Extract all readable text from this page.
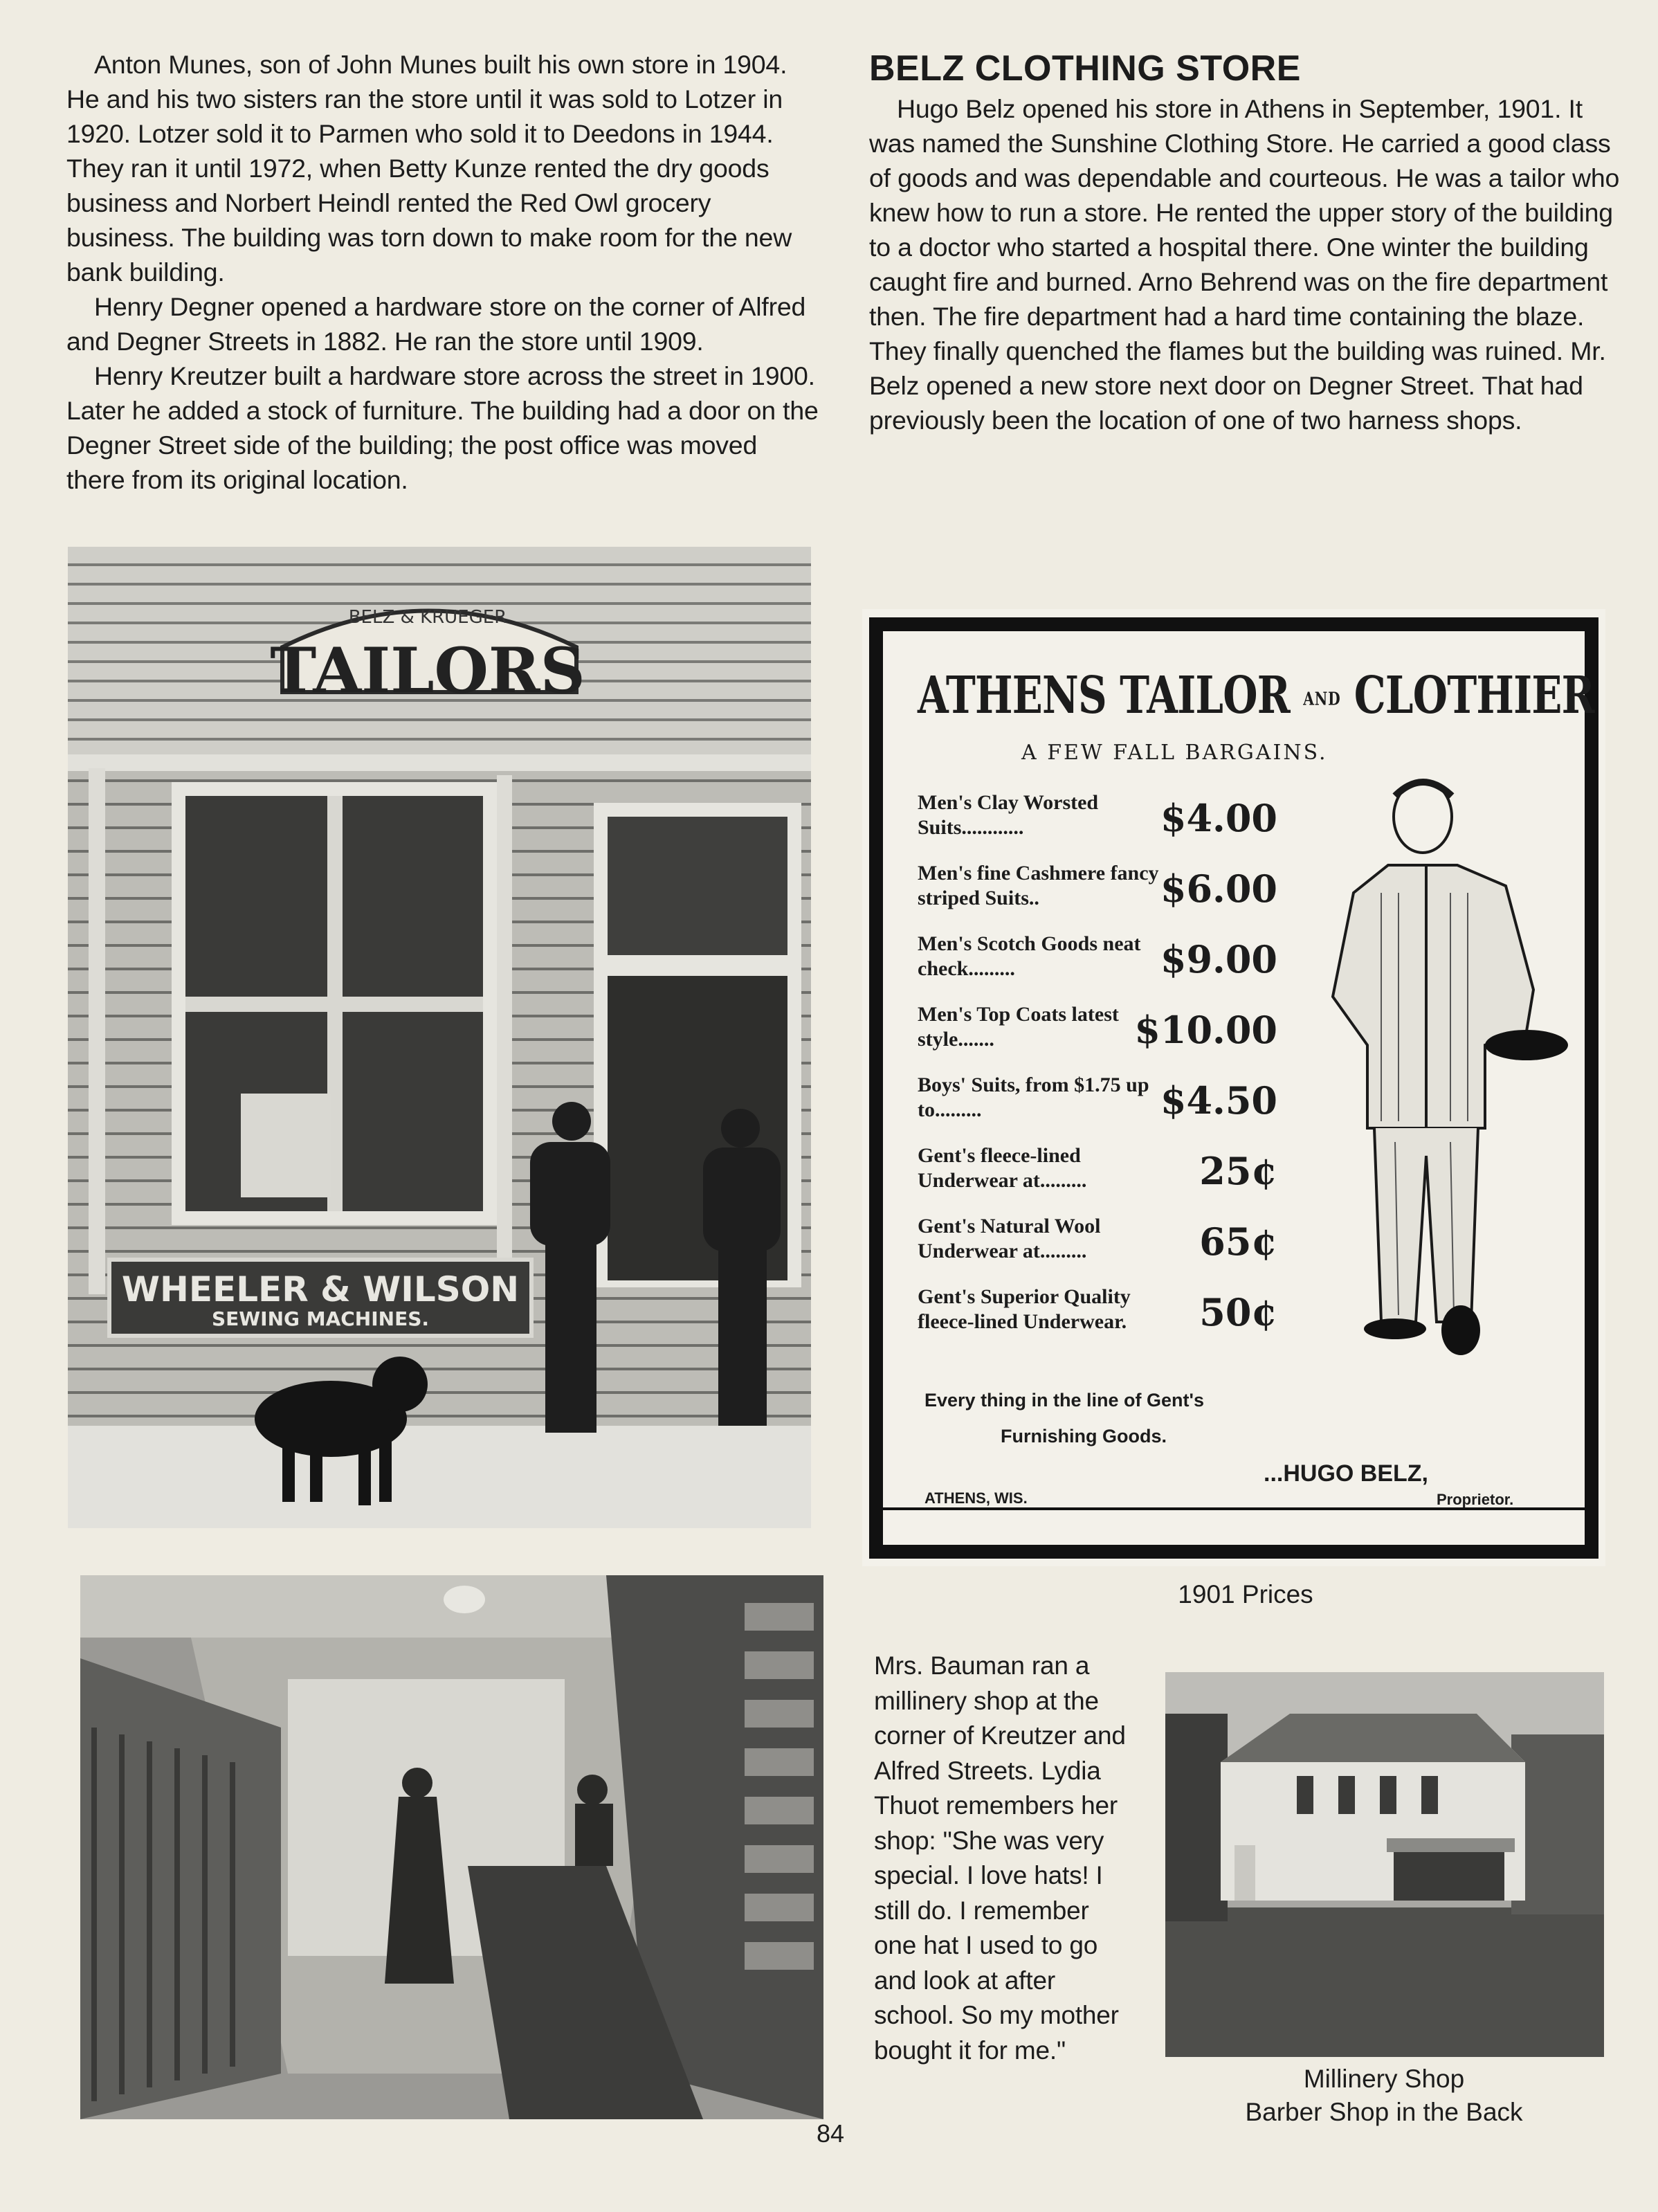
Anton Munes, son of John Munes built his own store in 1904. He and his two sisters ran the store until it was sold to Lotzer in 1920. Lotzer sold it to Parmen who sold it to Deedons in 1944. They ran it until 1972, when Betty Kunze rented the dry goods business and Norbert Heindl rented the Red Owl grocery business. The building was torn down to make room for the new bank building.

Henry Degner opened a hardware store on the corner of Alfred and Degner Streets in 1882. He ran the store until 1909.

Henry Kreutzer built a hardware store across the street in 1900. Later he added a stock of furniture. The building had a door on the Degner Street side of the building; the post office was moved there from its original location.

BELZ CLOTHING STORE

Hugo Belz opened his store in Athens in September, 1901. It was named the Sunshine Clothing Store. He carried a good class of goods and was dependable and courteous. He was a tailor who knew how to run a store. He rented the upper story of the building to a doctor who started a hospital there. One winter the building caught fire and burned. Arno Behrend was on the fire department then. The fire department had a hard time containing the blaze. They finally quenched the flames but the building was ruined. Mr. Belz opened a new store next door on Degner Street. That had previously been the location of one of two harness shops.

TAILORS
BELZ & KRUEGER
WHEELER & WILSON
SEWING MACHINES.
ATHENS TAILOR AND CLOTHIER
A FEW FALL BARGAINS.
Men's Clay Worsted Suits............	$4.00
Men's fine Cashmere fancy striped Suits..	$6.00
Men's Scotch Goods neat check.........	$9.00
Men's Top Coats latest style.......	$10.00
Boys' Suits, from $1.75 up to.........	$4.50
Gent's fleece-lined Underwear at.........	25¢
Gent's Natural Wool Underwear at.........	65¢
Gent's Superior Quality fleece-lined Underwear.	50¢
Every thing in the line of Gent's
Furnishing Goods.
...HUGO BELZ,
ATHENS, WIS.	Proprietor.
1901 Prices

Mrs. Bauman ran a millinery shop at the corner of Kreutzer and Alfred Streets. Lydia Thuot remembers her shop: "She was very special. I love hats! I still do. I remember one hat I used to go and look at after school. So my mother bought it for me."

Millinery Shop
Barber Shop in the Back
84
